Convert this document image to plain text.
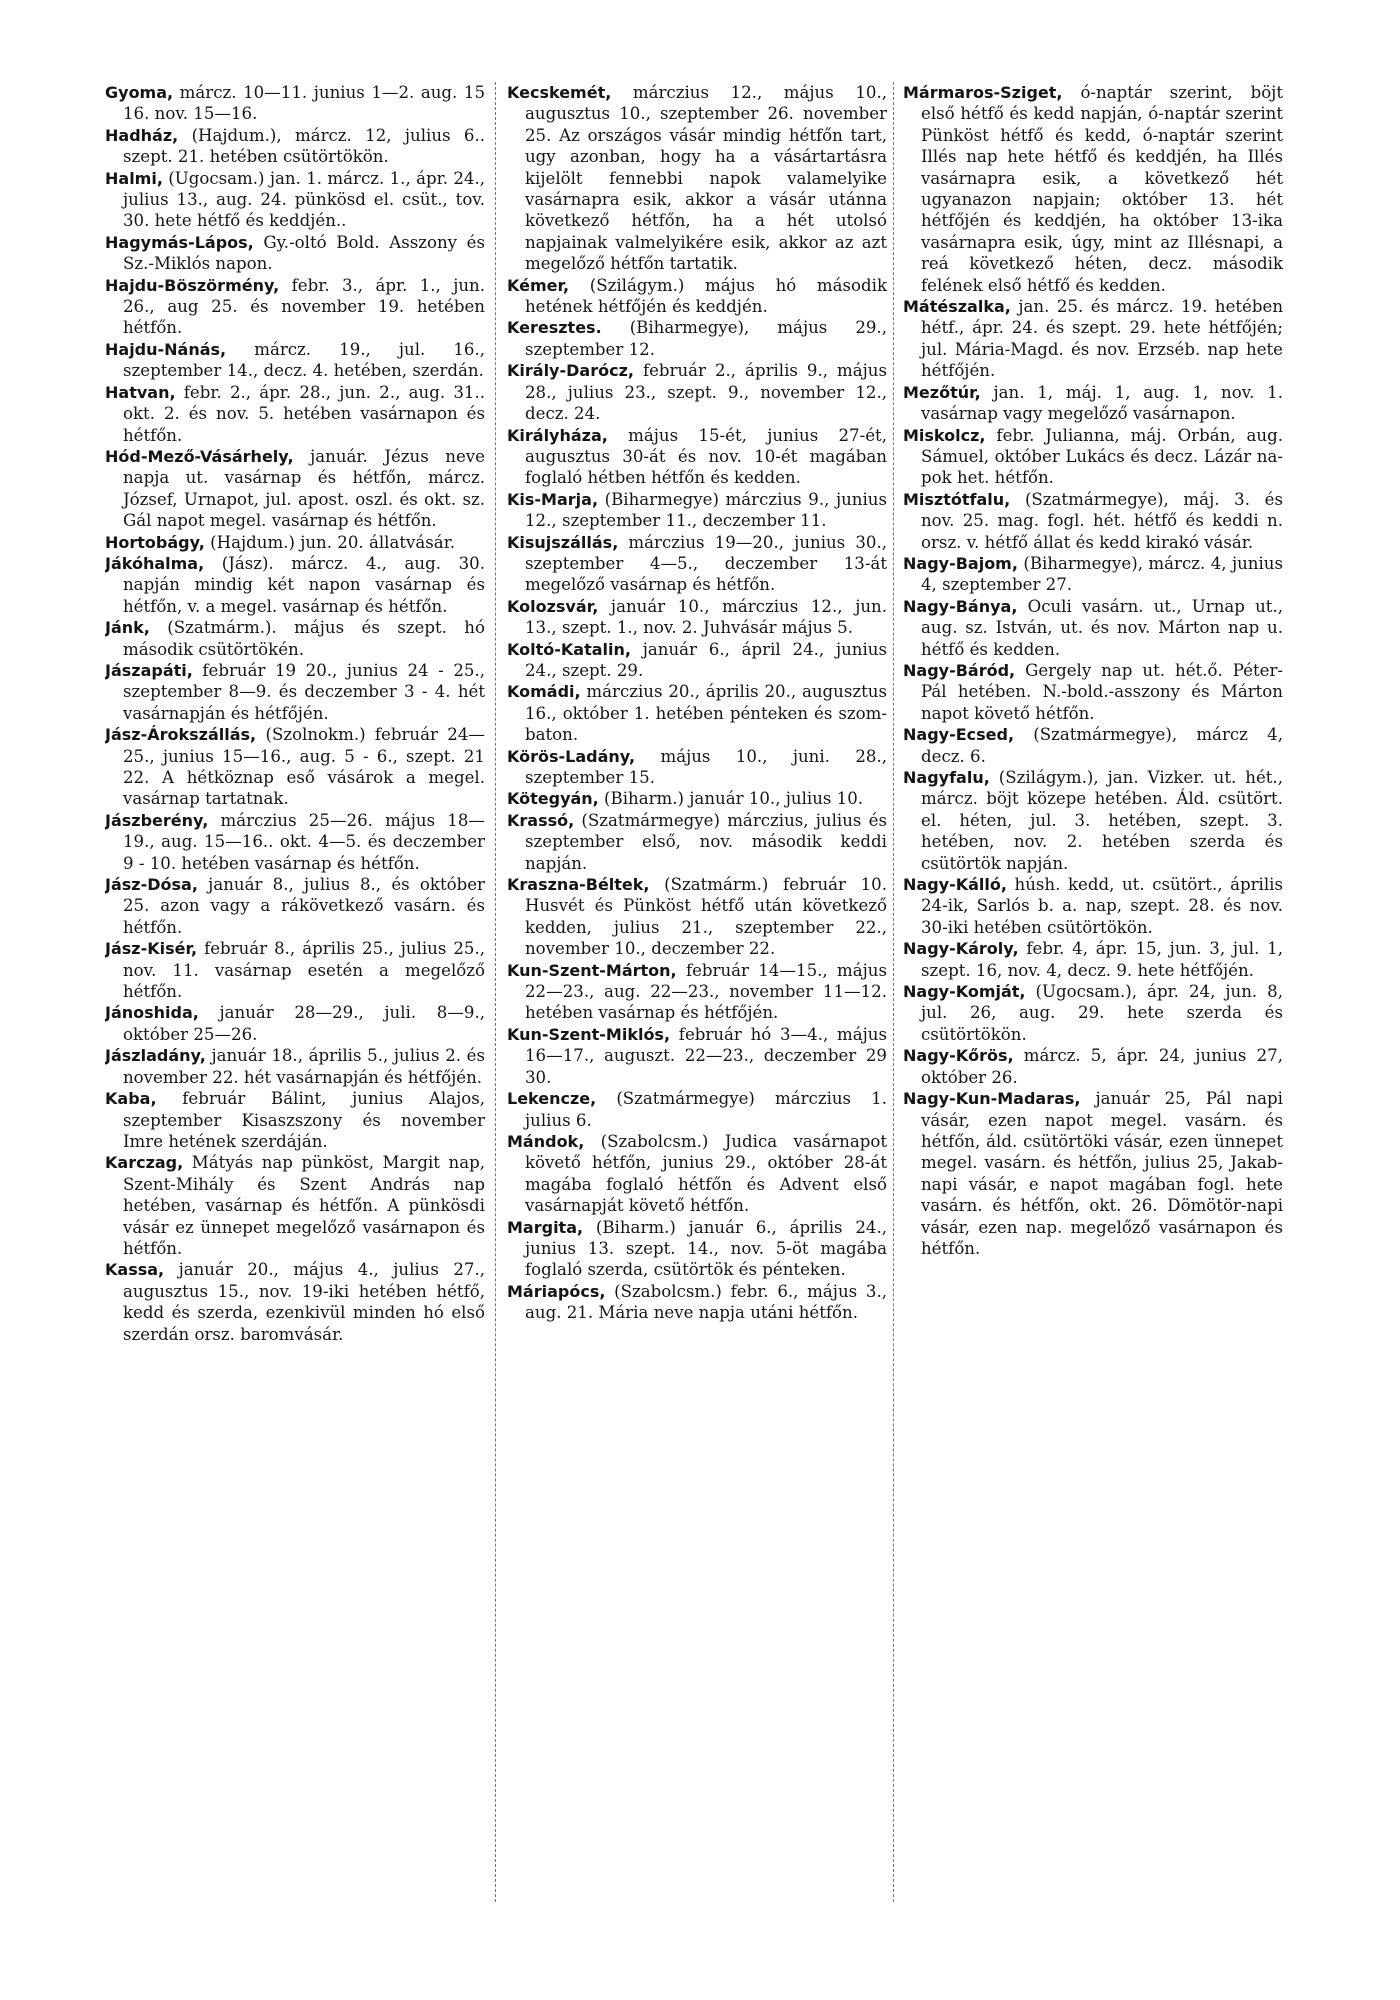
Gyoma, márcz. 10—11. junius 1—2. aug. 15 16. nov. 15—16.

Hadház, (Hajdum.), márcz. 12, julius 6.. szept. 21. hetében csütörtökön.

Halmi, (Ugocsam.) jan. 1. márcz. 1., ápr. 24., julius 13., aug. 24. pünkösd el. csüt., tov. 30. hete hétfő és keddjén..

Hagymás-Lápos, Gy.-oltó Bold. Asszony és Sz.-Miklós napon.

Hajdu-Böszörmény, febr. 3., ápr. 1., jun. 26., aug 25. és november 19. hetében hétfőn.

Hajdu-Nánás, márcz. 19., jul. 16., szeptember 14., decz. 4. hetében, szerdán.

Hatvan, febr. 2., ápr. 28., jun. 2., aug. 31.. okt. 2. és nov. 5. hetében vasárnapon és hétfőn.

Hód-Mező-Vásárhely, január. Jézus neve napja ut. vasárnap és hétfőn, márcz. József, Urnapot, jul. apost. oszl. és okt. sz. Gál napot megel. vasárnap és hétfőn.

Hortobágy, (Hajdum.) jun. 20. állatvásár.

Jákóhalma, (Jász). márcz. 4., aug. 30. napján mindig két napon vasárnap és hétfőn, v. a megel. vasárnap és hétfőn.

Jánk, (Szatmárm.). május és szept. hó második csütörtökén.

Jászapáti, február 19 20., junius 24 - 25., szeptember 8—9. és deczember 3 - 4. hét vasárnapján és hétfőjén.

Jász-Árokszállás, (Szolnokm.) február 24—25., junius 15—16., aug. 5 - 6., szept. 21 22. A hétköznap eső vásárok a megel. vasárnap tartatnak.

Jászberény, márczius 25—26. május 18—19., aug. 15—16.. okt. 4—5. és deczember 9 - 10. hetében vasárnap és hétfőn.

Jász-Dósa, január 8., julius 8., és október 25. azon vagy a rákövetkező vasárn. és hétfőn.

Jász-Kisér, február 8., április 25., julius 25., nov. 11. vasárnap esetén a megelőző hétfőn.

Jánoshida, január 28—29., juli. 8—9., október 25—26.

Jászladány, január 18., április 5., julius 2. és november 22. hét vasárnapján és hétfőjén.

Kaba, február Bálint, junius Alajos, szeptember Kisaszszony és november Imre hetének szerdáján.

Karczag, Mátyás nap pünköst, Margit nap, Szent-Mihály és Szent András nap hetében, vasárnap és hétfőn. A pünkösdi vásár ez ünnepet megelőző vasárnapon és hétfőn.

Kassa, január 20., május 4., julius 27., augusztus 15., nov. 19-iki hetében hétfő, kedd és szerda, ezenkivül minden hó első szerdán orsz. baromvásár.

Kecskemét, márczius 12., május 10., augusztus 10., szeptember 26. november 25. Az országos vásár mindig hétfőn tart, ugy azonban, hogy ha a vásártartásra kijelölt fennebbi napok valamelyike vasárnapra esik, akkor a vásár utánna következő hétfőn, ha a hét utolsó napjainak valmelyikére esik, akkor az azt megelőző hétfőn tartatik.

Kémer, (Szilágym.) május hó második hetének hétfőjén és keddjén.

Keresztes. (Biharmegye), május 29., szeptember 12.

Király-Darócz, február 2., április 9., május 28., julius 23., szept. 9., november 12., decz. 24.

Királyháza, május 15-ét, junius 27-ét, augusztus 30-át és nov. 10-ét magában foglaló hétben hétfőn és kedden.

Kis-Marja, (Biharmegye) márczius 9., junius 12., szeptember 11., deczember 11.

Kisujszállás, márczius 19—20., junius 30., szeptember 4—5., deczember 13-át megelőző vasárnap és hétfőn.

Kolozsvár, január 10., márczius 12., jun. 13., szept. 1., nov. 2. Juhvásár május 5.

Koltó-Katalin, január 6., ápril 24., junius 24., szept. 29.

Komádi, márczius 20., április 20., augusztus 16., október 1. hetében pénteken és szombaton.

Körös-Ladány, május 10., juni. 28., szeptember 15.

Kötegyán, (Biharm.) január 10., julius 10.

Krassó, (Szatmármegye) márczius, julius és szeptember első, nov. második keddi napján.

Kraszna-Béltek, (Szatmárm.) február 10. Husvét és Pünköst hétfő után következő kedden, julius 21., szeptember 22., november 10., deczember 22.

Kun-Szent-Márton, február 14—15., május 22—23., aug. 22—23., november 11—12. hetében vasárnap és hétfőjén.

Kun-Szent-Miklós, február hó 3—4., május 16—17., auguszt. 22—23., deczember 29 30.

Lekencze, (Szatmármegye) márczius 1. julius 6.

Mándok, (Szabolcsm.) Judica vasárnapot követő hétfőn, junius 29., október 28-át magába foglaló hétfőn és Advent első vasárnapját követő hétfőn.

Margita, (Biharm.) január 6., április 24., junius 13. szept. 14., nov. 5-öt magába foglaló szerda, csütörtök és pénteken.

Máriapócs, (Szabolcsm.) febr. 6., május 3., aug. 21. Mária neve napja utáni hétfőn.

Mármaros-Sziget, ó-naptár szerint, böjt első hétfő és kedd napján, ó-naptár szerint Pünköst hétfő és kedd, ó-naptár szerint Illés nap hete hétfő és keddjén, ha Illés vasárnapra esik, a következő hét ugyanazon napjain; október 13. hét hétfőjén és keddjén, ha október 13-ika vasárnapra esik, úgy, mint az Illésnapi, a reá következő héten, decz. második felének első hétfő és kedden.

Mátészalka, jan. 25. és márcz. 19. hetében hétf., ápr. 24. és szept. 29. hete hétfőjén; jul. Mária-Magd. és nov. Erzséb. nap hete hétfőjén.

Mezőtúr, jan. 1, máj. 1, aug. 1, nov. 1. vasárnap vagy megelőző vasárnapon.

Miskolcz, febr. Julianna, máj. Orbán, aug. Sámuel, október Lukács és decz. Lázár napok het. hétfőn.

Misztótfalu, (Szatmármegye), máj. 3. és nov. 25. mag. fogl. hét. hétfő és keddi n. orsz. v. hétfő állat és kedd kirakó vásár.

Nagy-Bajom, (Biharmegye), márcz. 4, junius 4, szeptember 27.

Nagy-Bánya, Oculi vasárn. ut., Urnap ut., aug. sz. István, ut. és nov. Márton nap u. hétfő és kedden.

Nagy-Báród, Gergely nap ut. hét.ő. Péter-Pál hetében. N.-bold.-asszony és Márton napot követő hétfőn.

Nagy-Ecsed, (Szatmármegye), márcz 4, decz. 6.

Nagyfalu, (Szilágym.), jan. Vizker. ut. hét., márcz. böjt közepe hetében. Áld. csütört. el. héten, jul. 3. hetében, szept. 3. hetében, nov. 2. hetében szerda és csütörtök napján.

Nagy-Kálló, húsh. kedd, ut. csütört., április 24-ik, Sarlós b. a. nap, szept. 28. és nov. 30-iki hetében csütörtökön.

Nagy-Károly, febr. 4, ápr. 15, jun. 3, jul. 1, szept. 16, nov. 4, decz. 9. hete hétfőjén.

Nagy-Komját, (Ugocsam.), ápr. 24, jun. 8, jul. 26, aug. 29. hete szerda és csütörtökön.

Nagy-Kőrös, márcz. 5, ápr. 24, junius 27, október 26.

Nagy-Kun-Madaras, január 25, Pál napi vásár, ezen napot megel. vasárn. és hétfőn, áld. csütörtöki vásár, ezen ünnepet megel. vasárn. és hétfőn, julius 25, Jakab-napi vásár, e napot magában fogl. hete vasárn. és hétfőn, okt. 26. Dömötör-napi vásár, ezen nap. megelőző vasárnapon és hétfőn.
